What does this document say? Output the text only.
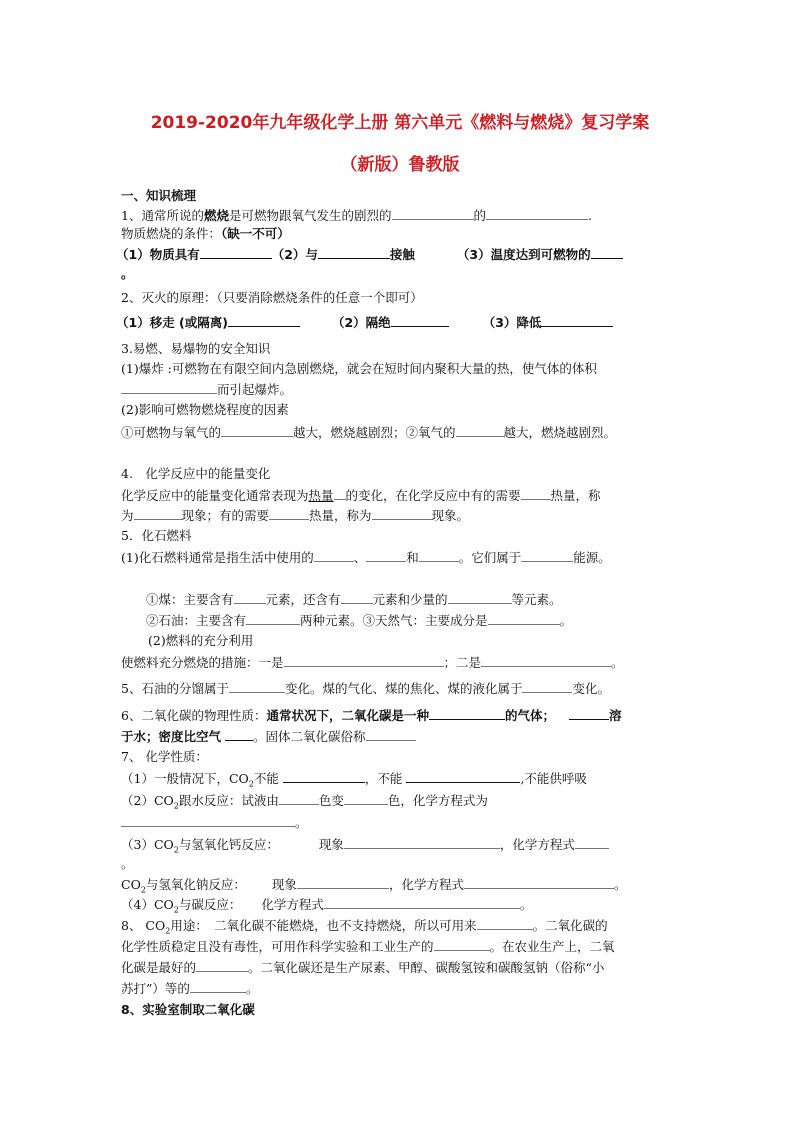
2019-2020年九年级化学上册 第六单元《燃料与燃烧》复习学案
（新版）鲁教版
一、知识梳理
1、通常所说的燃烧是可燃物跟氧气发生的剧烈的	的	.
物质燃烧的条件：（缺一不可）
（1）物质具有	（2）与	接触	（3）温度达到可燃物的
。
2、灭火的原理：（只要消除燃烧条件的任意一个即可）
（1）移走 (或隔离)	（2）隔绝	（3）降低
3.易燃、易爆物的安全知识
(1)爆炸 :可燃物在有限空间内急剧燃烧，就会在短时间内聚积大量的热，使气体的体积
而引起爆炸。
(2)影响可燃物燃烧程度的因素
①可燃物与氧气的	越大，燃烧越剧烈；②氧气的	越大，燃烧越剧烈。
4.　化学反应中的能量变化
化学反应中的能量变化通常表现为热量 的变化，在化学反应中有的需要 热量，称
为	现象；有的需要	热量，称为	现象。
5．化石燃料
(1)化石燃料通常是指生活中使用的	、	和	。它们属于	能源。
①煤：主要含有	元素，还含有	元素和少量的	等元素。
②石油：主要含有	两种元素。③天然气：主要成分是	。
(2)燃料的充分利用
使燃料充分燃烧的措施：一是	；二是	。
5、石油的分馏属于	变化。煤的气化、煤的焦化、煤的液化属于	变化。
6、二氧化碳的物理性质：通常状况下，二氧化碳是一种	的气体；	溶
于水；密度比空气	。固体二氧化碳俗称
7、 化学性质：
（1）一般情况下，$CO_2$不能	，不能	,不能供呼吸
$(2)CO_2$跟水反应：试液由	色变	色，化学方程式为
。
$(3)CO_2$与氢氧化钙反应：	现象	，化学方程式
。
$CO_2$与氢氧化钠反应： 现象	，化学方程式	。
$(4)CO_2$与碳反应： 化学方程式	。
8、 $CO_2$用途：　二氧化碳不能燃烧，也不支持燃烧，所以可用来	。二氧化碳的
化学性质稳定且没有毒性，可用作科学实验和工业生产的	。在农业生产上，二氧
化碳是最好的	。二氧化碳还是生产尿素、甲醇、碳酸氢铵和碳酸氢钠（俗称“小
苏打”）等的	。
8、实验室制取二氧化碳
